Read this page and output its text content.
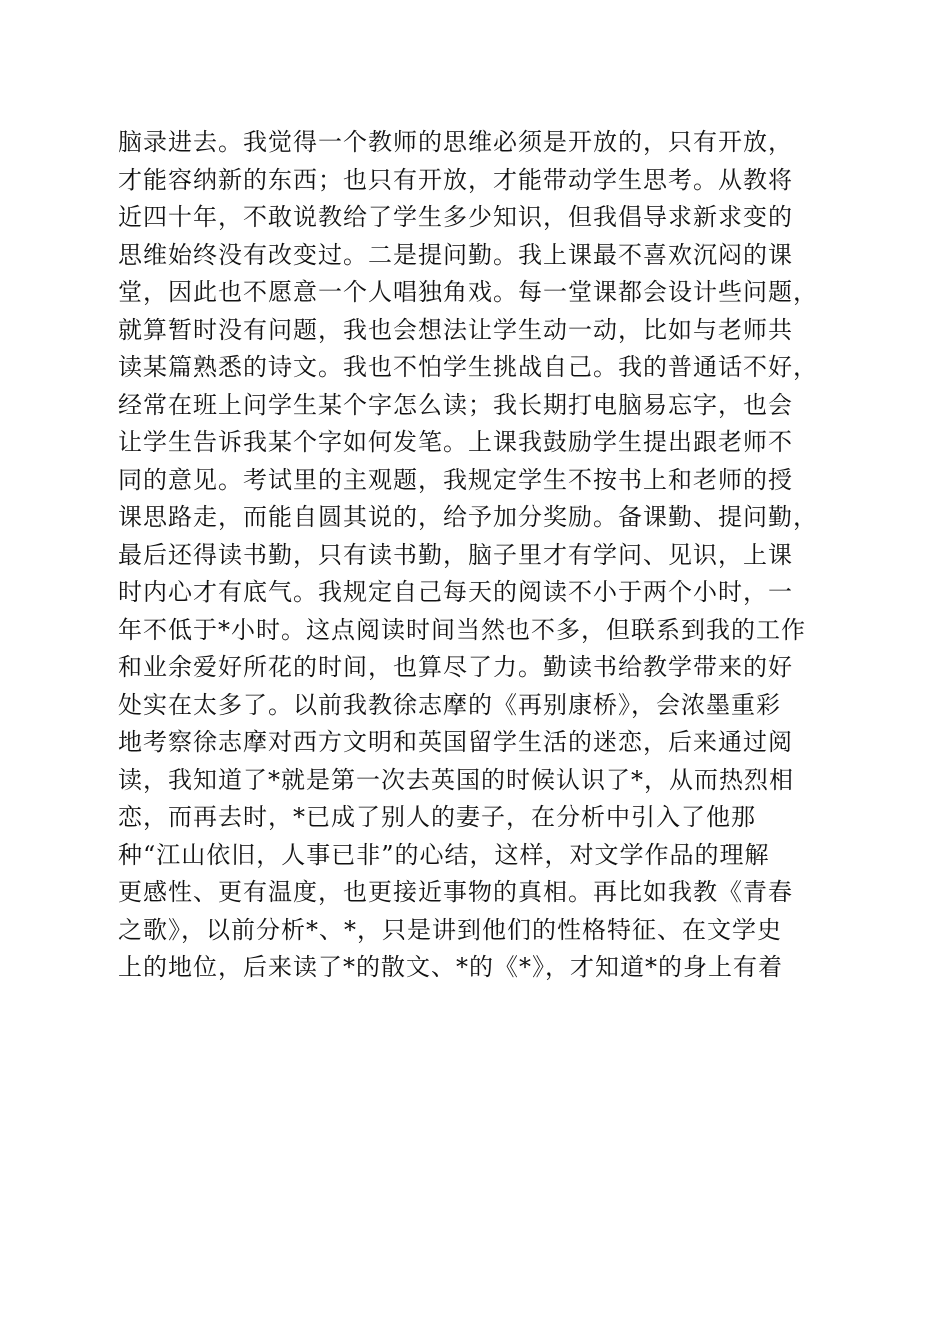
脑录进去。我觉得一个教师的思维必须是开放的，只有开放，
才能容纳新的东西；也只有开放，才能带动学生思考。从教将
近四十年，不敢说教给了学生多少知识，但我倡导求新求变的
思维始终没有改变过。二是提问勤。我上课最不喜欢沉闷的课
堂，因此也不愿意一个人唱独角戏。每一堂课都会设计些问题，
就算暂时没有问题，我也会想法让学生动一动，比如与老师共
读某篇熟悉的诗文。我也不怕学生挑战自己。我的普通话不好，
经常在班上问学生某个字怎么读；我长期打电脑易忘字，也会
让学生告诉我某个字如何发笔。上课我鼓励学生提出跟老师不
同的意见。考试里的主观题，我规定学生不按书上和老师的授
课思路走，而能自圆其说的，给予加分奖励。备课勤、提问勤，
最后还得读书勤，只有读书勤，脑子里才有学问、见识，上课
时内心才有底气。我规定自己每天的阅读不小于两个小时，一
年不低于*小时。这点阅读时间当然也不多，但联系到我的工作
和业余爱好所花的时间，也算尽了力。勤读书给教学带来的好
处实在太多了。以前我教徐志摩的《再别康桥》，会浓墨重彩
地考察徐志摩对西方文明和英国留学生活的迷恋，后来通过阅
读，我知道了*就是第一次去英国的时候认识了*，从而热烈相
恋，而再去时，*已成了别人的妻子，在分析中引入了他那
种“江山依旧，人事已非”的心结，这样，对文学作品的理解
更感性、更有温度，也更接近事物的真相。再比如我教《青春
之歌》，以前分析*、*，只是讲到他们的性格特征、在文学史
上的地位，后来读了*的散文、*的《*》，才知道*的身上有着
